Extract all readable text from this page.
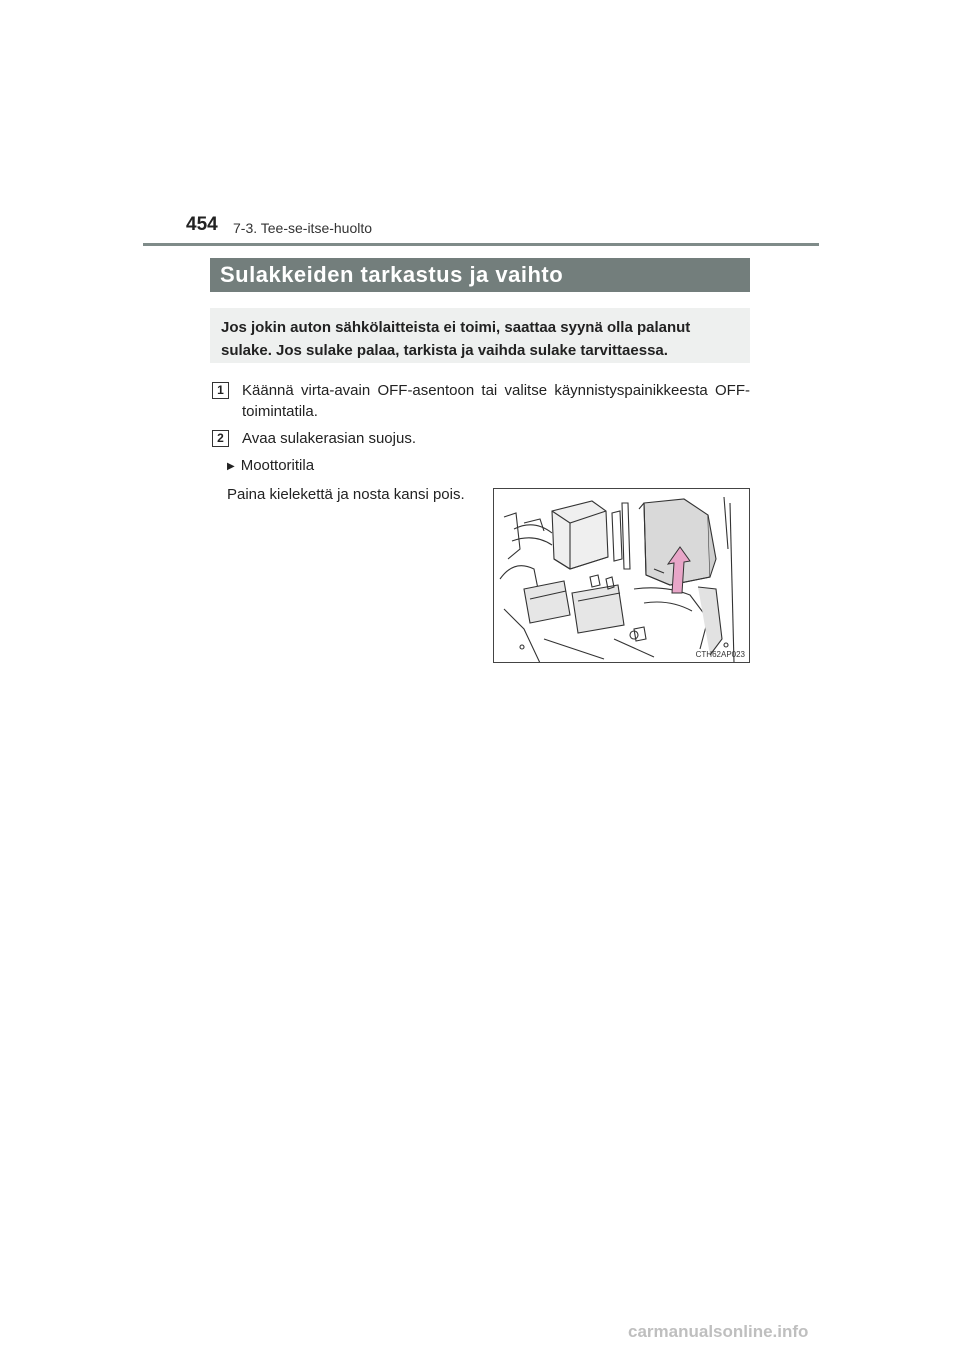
454 7-3. Tee-se-itse-huolto
Sulakkeiden tarkastus ja vaihto

Jos jokin auton sähkölaitteista ei toimi, saattaa syynä olla palanut sulake. Jos sulake palaa, tarkista ja vaihda sulake tarvittaessa.

1	Käännä virta-avain OFF-asentoon tai valitse käynnistyspainikkeesta OFF-toimintatila.
2	Avaa sulakerasian suojus.
▶ Moottoritila
Paina kielekettä ja nosta kansi pois.
CTH62AP023
carmanualsonline.info
